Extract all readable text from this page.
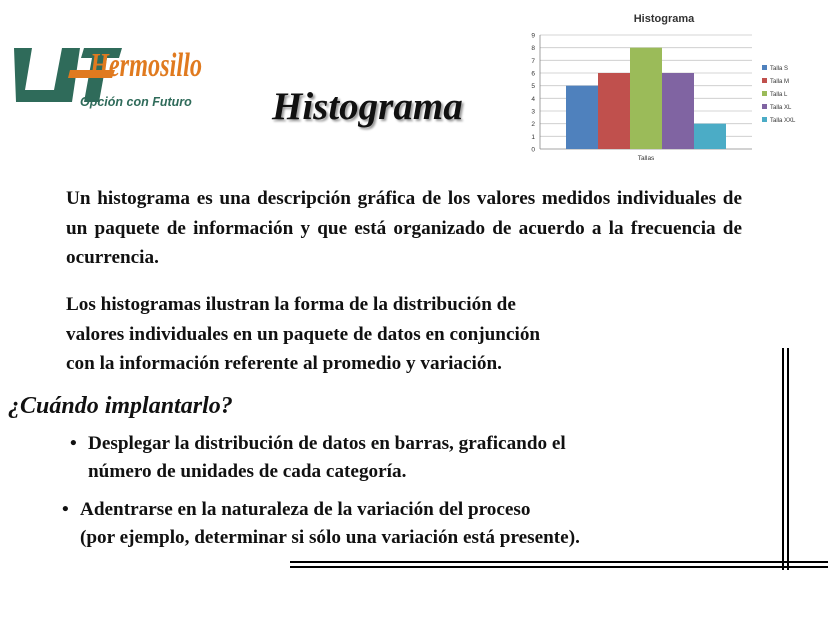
Hermosillo
Opción con Futuro Histograma
Histograma
0
1
2
3
4
5
6
7
8
9
Tallas
Talla S
Talla M
Talla L
Talla XL
Talla XXL
Un histograma es una descripción gráfica de los valores medidos individuales de un paquete de información y que está organizado de acuerdo a la frecuencia de ocurrencia.
Los histogramas ilustran la forma de la distribución de
valores individuales en un paquete de datos en conjunción
con la información referente al promedio y variación.
¿Cuándo implantarlo?
• Desplegar la distribución de datos en barras, graficando el
número de unidades de cada categoría.
• Adentrarse en la naturaleza de la variación del proceso
(por ejemplo, determinar si sólo una variación está presente).
